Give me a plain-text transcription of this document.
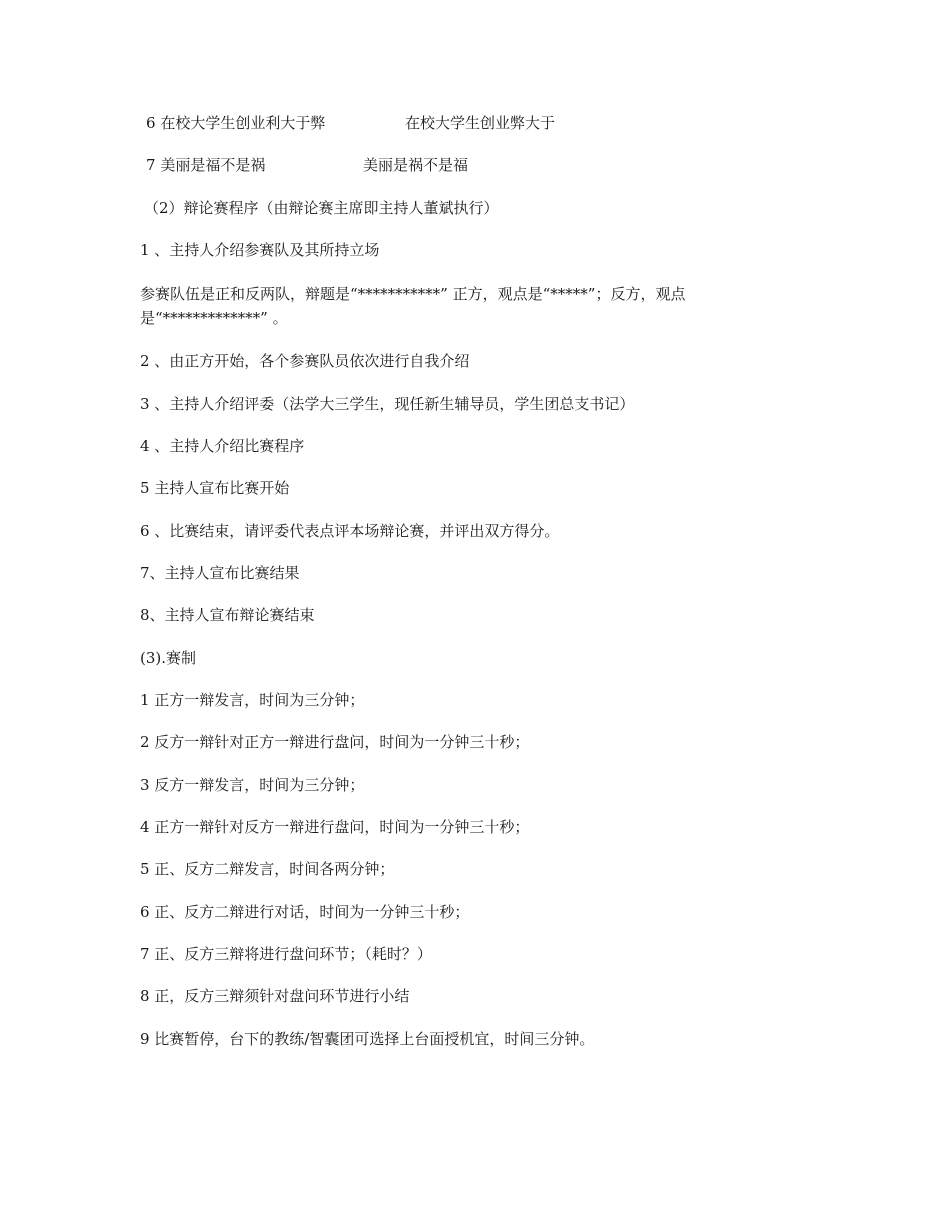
6 在校大学生创业利大于弊	在校大学生创业弊大于
7 美丽是福不是祸	美丽是祸不是福
（2）辩论赛程序（由辩论赛主席即主持人董斌执行）
1 、主持人介绍参赛队及其所持立场
参赛队伍是正和反两队，辩题是“***********” 正方，观点是“*****”；反方，观点是“*************” 。
2 、由正方开始，各个参赛队员依次进行自我介绍
3 、主持人介绍评委（法学大三学生，现任新生辅导员，学生团总支书记）
4 、主持人介绍比赛程序
5 主持人宣布比赛开始
6 、比赛结束，请评委代表点评本场辩论赛，并评出双方得分。
7、主持人宣布比赛结果
8、主持人宣布辩论赛结束
(3).赛制
1 正方一辩发言，时间为三分钟；
2 反方一辩针对正方一辩进行盘问，时间为一分钟三十秒；
3 反方一辩发言，时间为三分钟；
4 正方一辩针对反方一辩进行盘问，时间为一分钟三十秒；
5 正、反方二辩发言，时间各两分钟；
6 正、反方二辩进行对话，时间为一分钟三十秒；
7 正、反方三辩将进行盘问环节；（耗时？）
8 正，反方三辩须针对盘问环节进行小结
9 比赛暂停，台下的教练/智囊团可选择上台面授机宜，时间三分钟。
